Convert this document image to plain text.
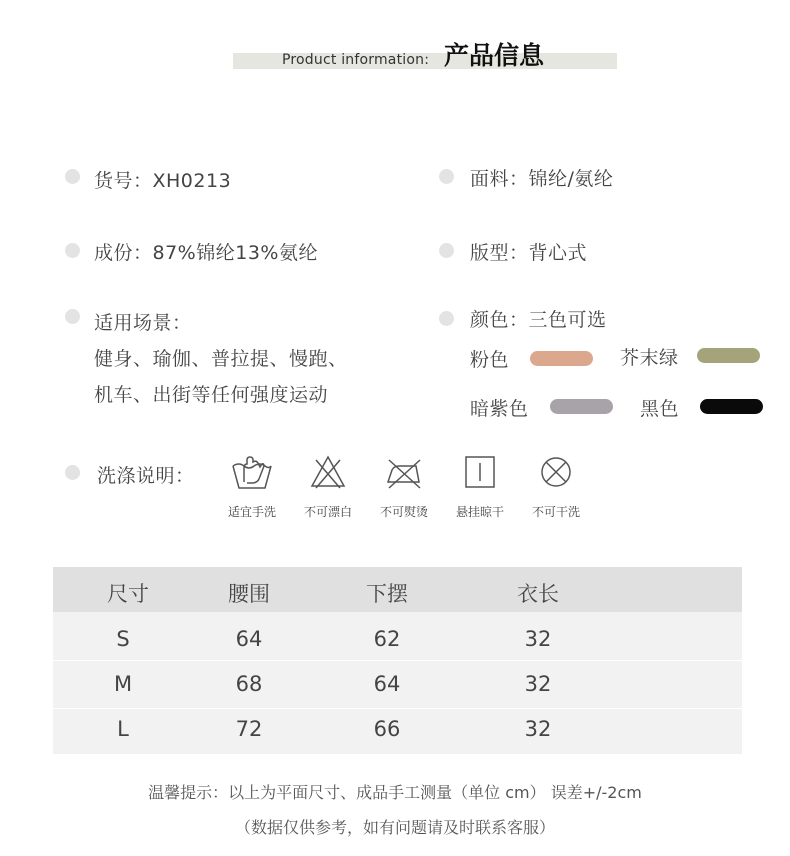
Product information: 产品信息
货号：XH0213	面料：锦纶/氨纶
成份：87%锦纶13%氨纶	版型：背心式
适用场景：
健身、瑜伽、普拉提、慢跑、
机车、出街等任何强度运动
颜色：三色可选
粉色	芥末绿
暗紫色	黑色
洗涤说明：
适宜手洗	不可漂白	不可熨烫	悬挂晾干	不可干洗
尺寸	腰围	下摆	衣长
S	64	62	32
M	68	64	32
L	72	66	32
温馨提示：以上为平面尺寸、成品手工测量（单位 cm） 误差+/-2cm
（数据仅供参考，如有问题请及时联系客服）
